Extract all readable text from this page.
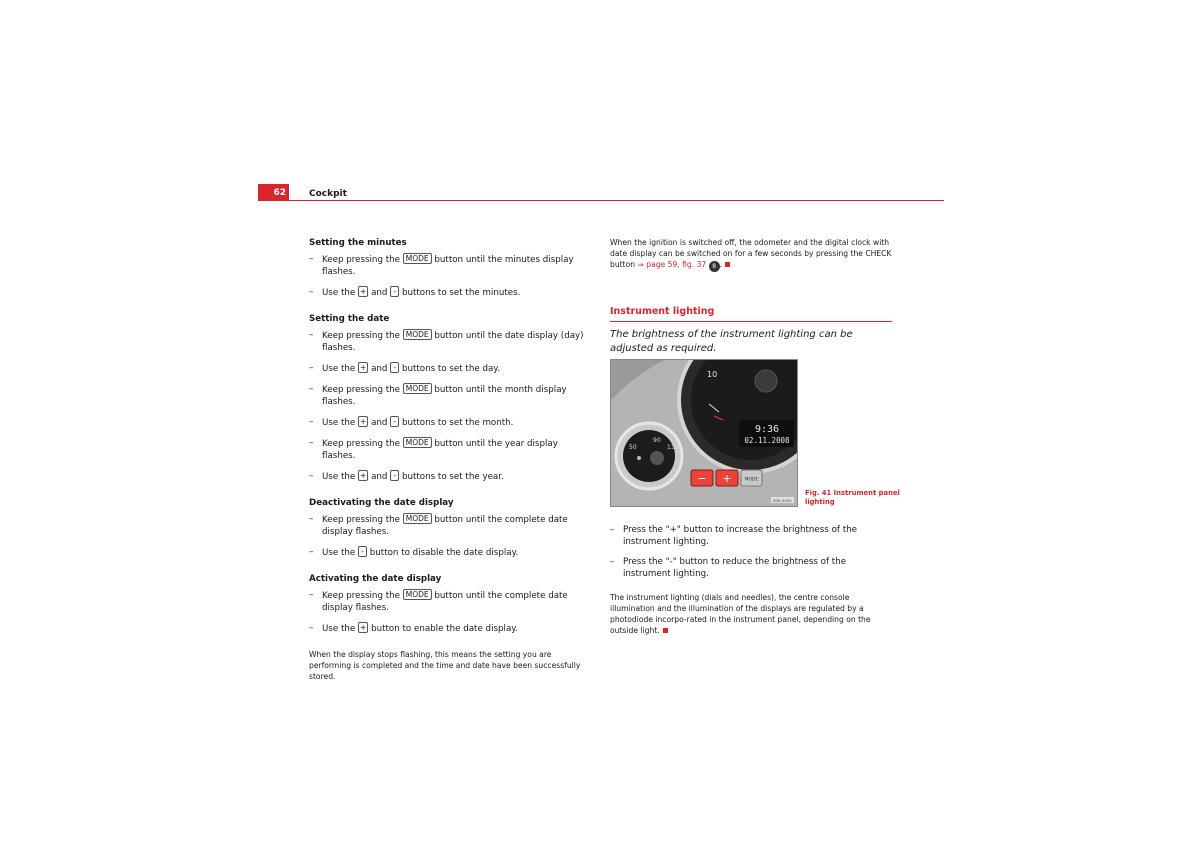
62	Cockpit
Setting the minutes
– Keep pressing the MODE button until the minutes display flashes.
– Use the + and - buttons to set the minutes.
Setting the date
– Keep pressing the MODE button until the date display (day) flashes.
– Use the + and - buttons to set the day.
– Keep pressing the MODE button until the month display flashes.
– Use the + and - buttons to set the month.
– Keep pressing the MODE button until the year display flashes.
– Use the + and - buttons to set the year.
Deactivating the date display
– Keep pressing the MODE button until the complete date display flashes.
– Use the - button to disable the date display.
Activating the date display
– Keep pressing the MODE button until the complete date display flashes.
– Use the + button to enable the date display.
When the display stops flashing, this means the setting you are performing is completed and the time and date have been successfully stored.
When the ignition is switched off, the odometer and the digital clock with date display can be switched on for a few seconds by pressing the CHECK button ⇒ page 59, fig. 37 8 .
Instrument lighting
The brightness of the instrument lighting can be adjusted as required.
10
9:36
02.11.2008
90
50	130
− +	MODE
B3E-0020
Fig. 41 Instrument panel lighting
– Press the "+" button to increase the brightness of the instrument lighting.
– Press the "-" button to reduce the brightness of the instrument lighting.
The instrument lighting (dials and needles), the centre console illumination and the illumination of the displays are regulated by a photodiode incorpo-rated in the instrument panel, depending on the outside light.
